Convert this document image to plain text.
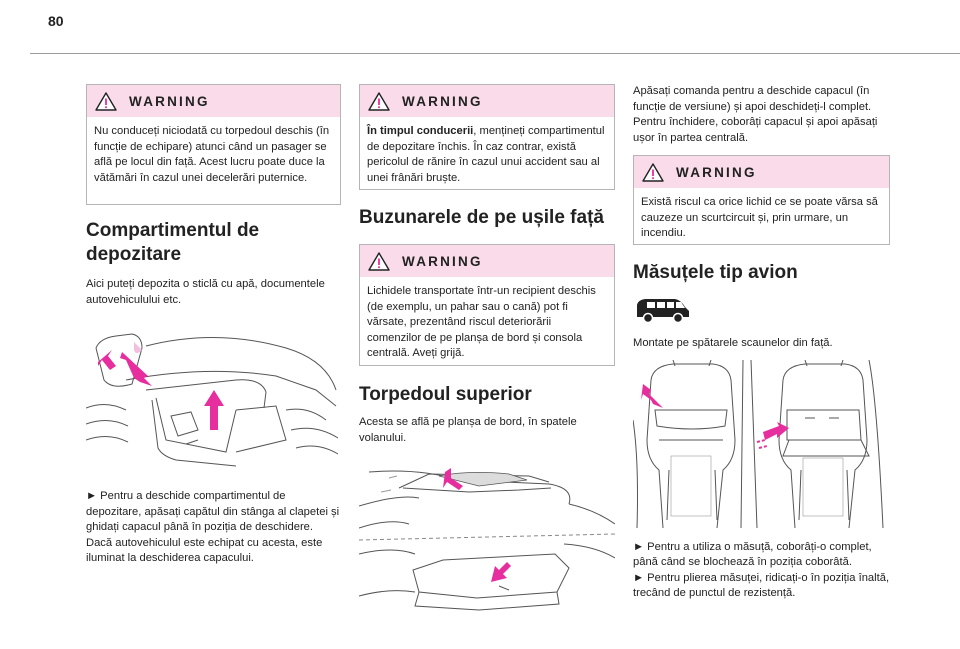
80
WARNING
Nu conduceți niciodată cu torpedoul deschis (în funcție de echipare) atunci când un pasager se află pe locul din față. Acest lucru poate duce la vătămări în cazul unei decelerări puternice.
Compartimentul de depozitare

Aici puteți depozita o sticlă cu apă, documentele autovehiculului etc.

► Pentru a deschide compartimentul de depozitare, apăsați capătul din stânga al clapetei și ghidați capacul până în poziția de deschidere. Dacă autovehiculul este echipat cu acesta, este iluminat la deschiderea capacului.

WARNING
În timpul conducerii, mențineți compartimentul de depozitare închis. În caz contrar, există pericolul de rănire în cazul unui accident sau al unei frânări bruște.
Buzunarele de pe ușile față
WARNING
Lichidele transportate într-un recipient deschis (de exemplu, un pahar sau o cană) pot fi vărsate, prezentând riscul deteriorării comenzilor de pe planșa de bord și consola centrală. Aveți grijă.
Torpedoul superior

Acesta se află pe planșa de bord, în spatele volanului.

Apăsați comanda pentru a deschide capacul (în funcție de versiune) și apoi deschideți-l complet. Pentru închidere, coborâți capacul și apoi apăsați ușor în partea centrală.

WARNING
Există riscul ca orice lichid ce se poate vărsa să cauzeze un scurtcircuit și, prin urmare, un incendiu.
Măsuțele tip avion

Montate pe spătarele scaunelor din față.

► Pentru a utiliza o măsuță, coborâți-o complet, până când se blochează în poziția coborâtă.

► Pentru plierea măsuței, ridicați-o în poziția înaltă, trecând de punctul de rezistență.
